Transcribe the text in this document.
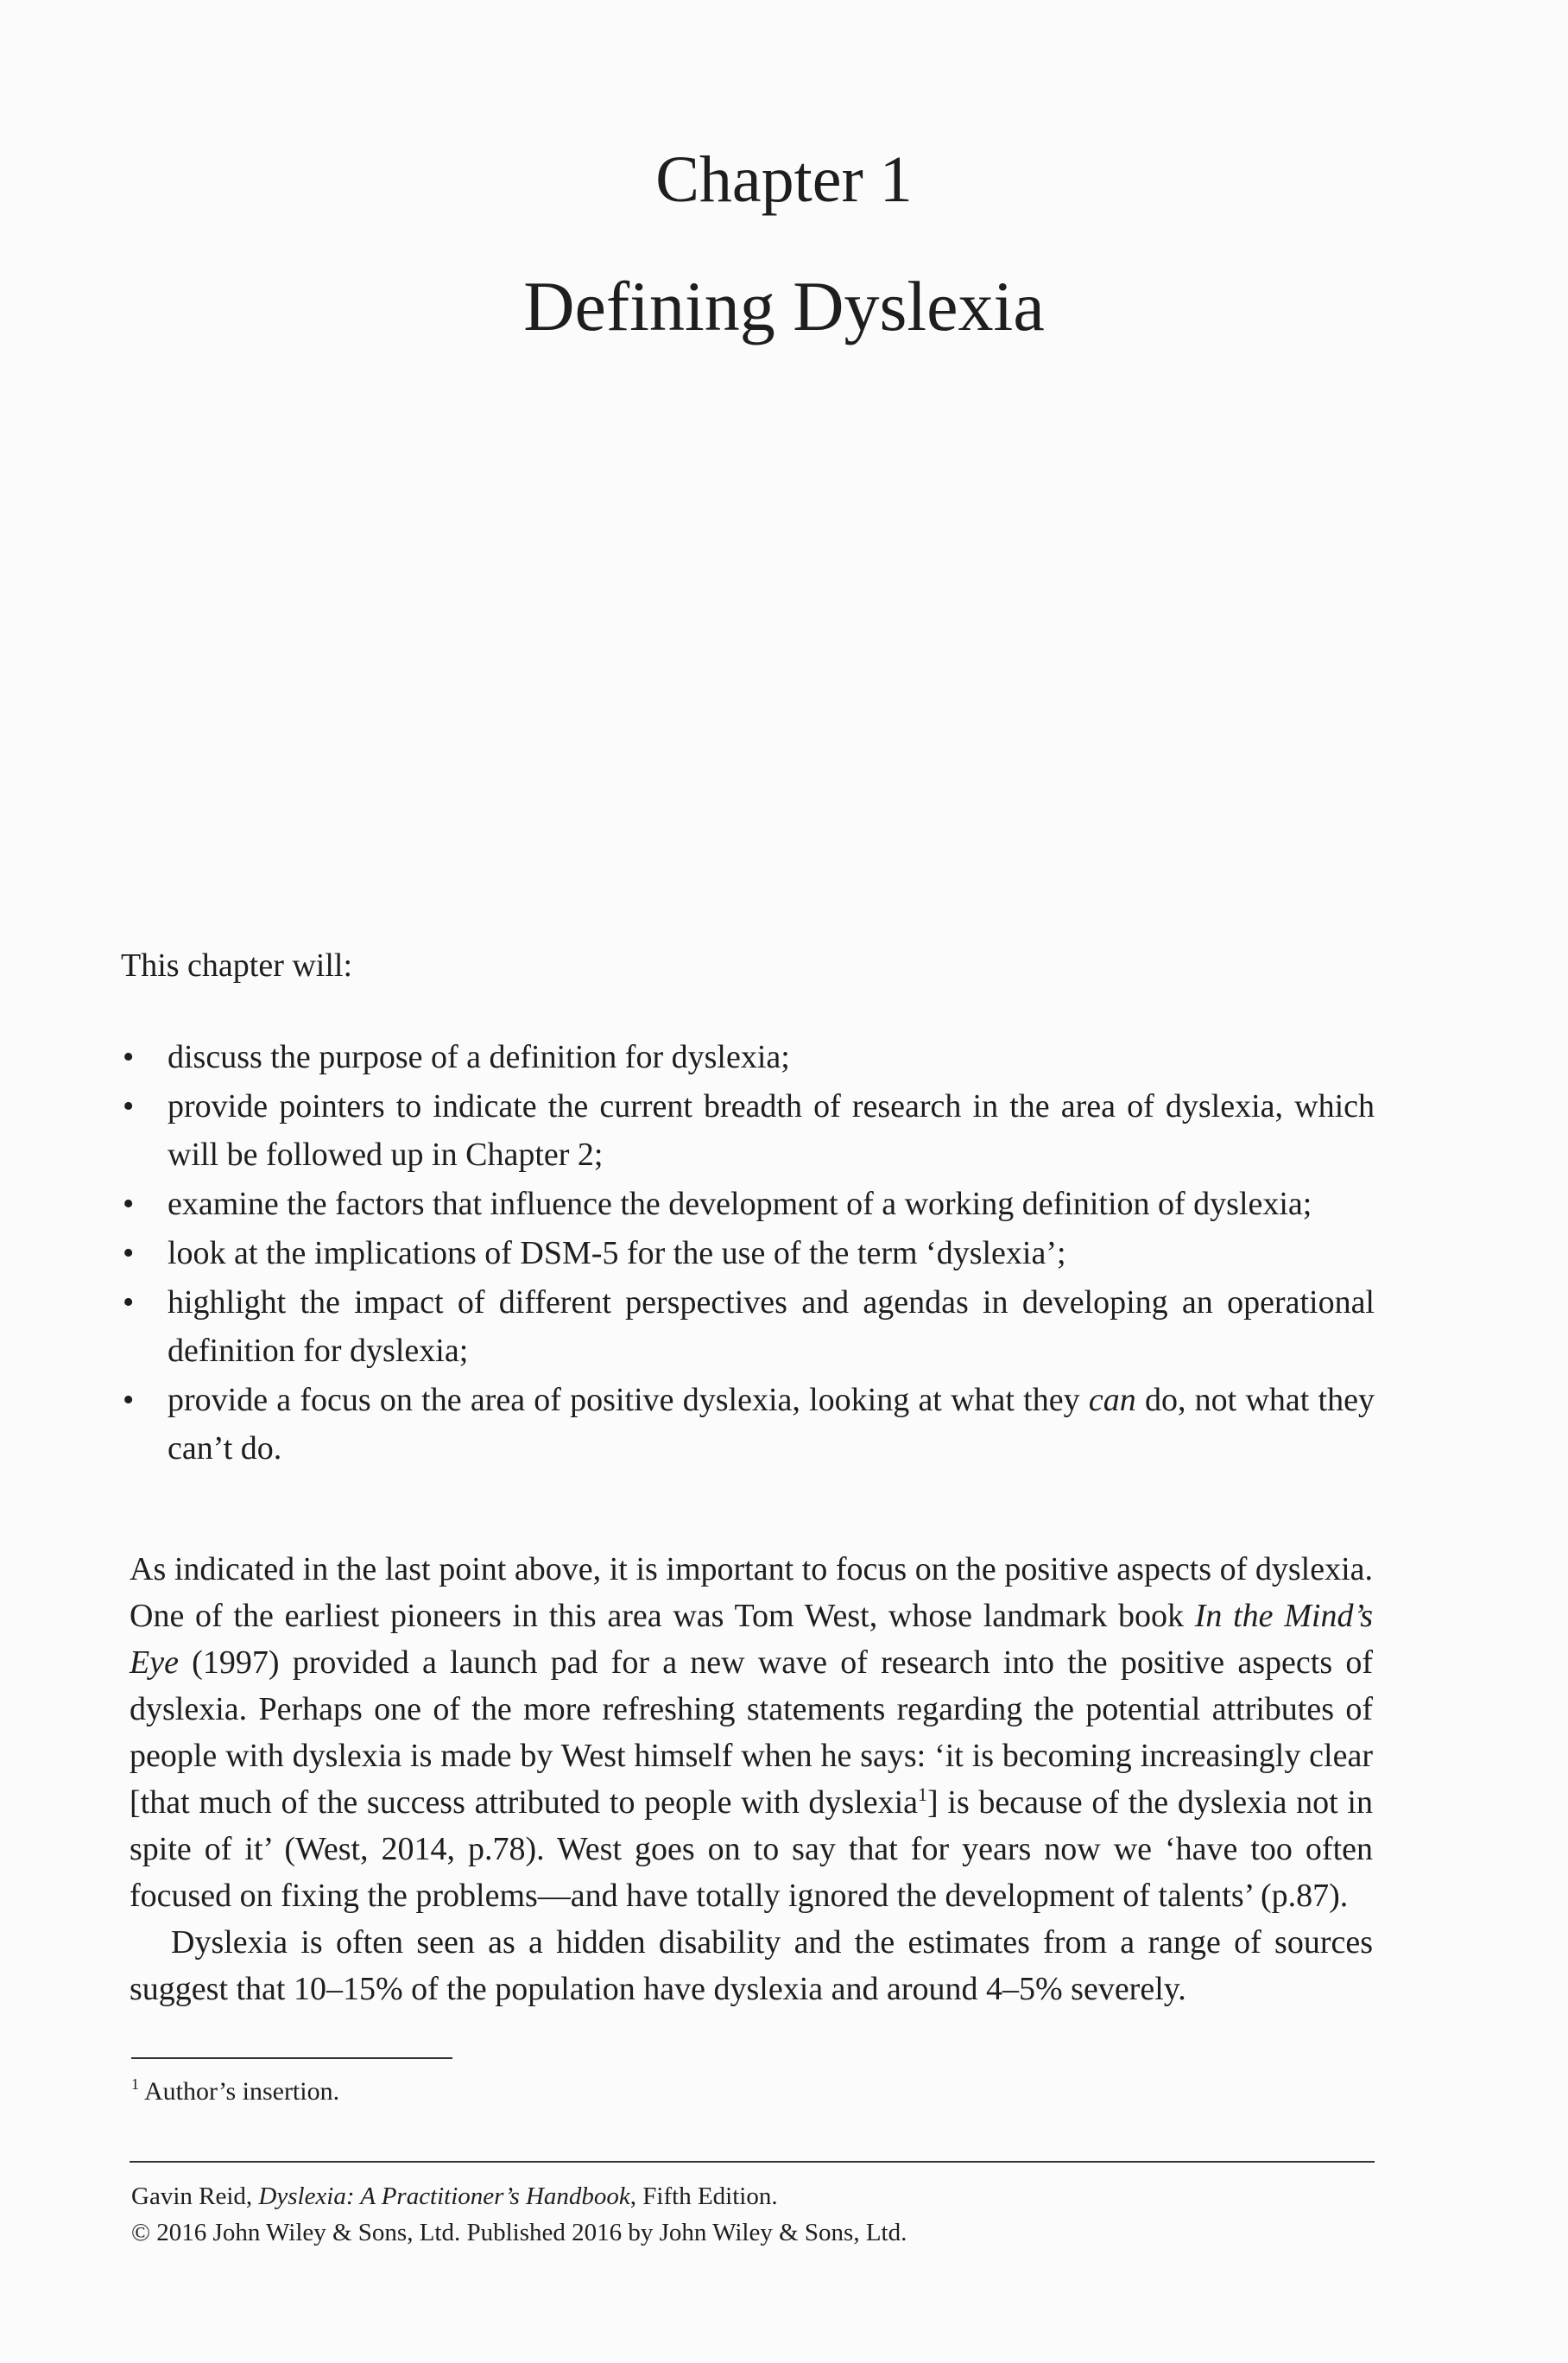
Chapter 1
Defining Dyslexia

This chapter will:

• discuss the purpose of a definition for dyslexia;
• provide pointers to indicate the current breadth of research in the area of dyslexia, which will be followed up in Chapter 2;
• examine the factors that influence the development of a working definition of dyslexia;
• look at the implications of DSM-5 for the use of the term ‘dyslexia’;
• highlight the impact of different perspectives and agendas in developing an operational definition for dyslexia;
• provide a focus on the area of positive dyslexia, looking at what they can do, not what they can’t do.

As indicated in the last point above, it is important to focus on the positive aspects of dyslexia. One of the earliest pioneers in this area was Tom West, whose landmark book In the Mind’s Eye (1997) provided a launch pad for a new wave of research into the positive aspects of dyslexia. Perhaps one of the more refreshing statements regarding the potential attributes of people with dyslexia is made by West himself when he says: ‘it is becoming increasingly clear [that much of the success attributed to people with dyslexia$^1$] is because of the dyslexia not in spite of it’ (West, 2014, p.78). West goes on to say that for years now we ‘have too often focused on fixing the problems—and have totally ignored the development of talents’ (p.87).

Dyslexia is often seen as a hidden disability and the estimates from a range of sources suggest that 10–15% of the population have dyslexia and around 4–5% severely.

$^1$ Author’s insertion.
Gavin Reid, Dyslexia: A Practitioner’s Handbook, Fifth Edition.
© 2016 John Wiley & Sons, Ltd. Published 2016 by John Wiley & Sons, Ltd.
